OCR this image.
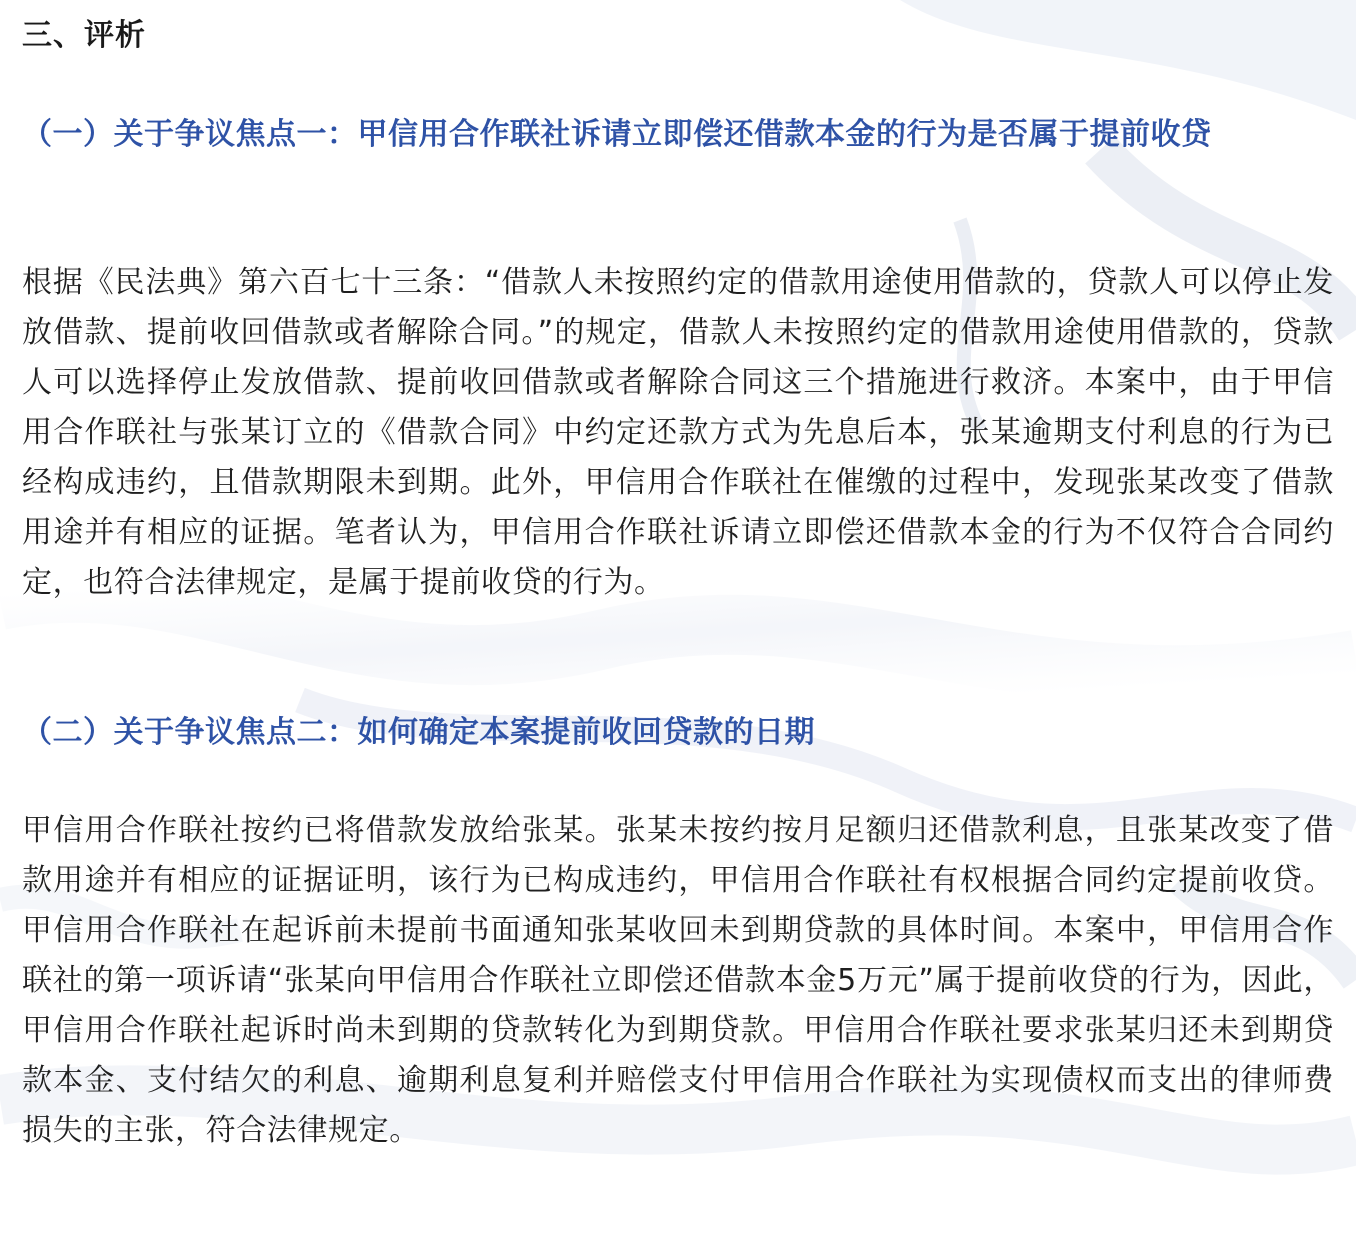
三、评析
（一）关于争议焦点一：甲信用合作联社诉请立即偿还借款本金的行为是否属于提前收贷

根据《民法典》第六百七十三条：“借款人未按照约定的借款用途使用借款的，贷款人可以停止发放借款、提前收回借款或者解除合同。”的规定，借款人未按照约定的借款用途使用借款的，贷款人可以选择停止发放借款、提前收回借款或者解除合同这三个措施进行救济。本案中，由于甲信用合作联社与张某订立的《借款合同》中约定还款方式为先息后本，张某逾期支付利息的行为已经构成违约，且借款期限未到期。此外，甲信用合作联社在催缴的过程中，发现张某改变了借款用途并有相应的证据。笔者认为，甲信用合作联社诉请立即偿还借款本金的行为不仅符合合同约定，也符合法律规定，是属于提前收贷的行为。

（二）关于争议焦点二：如何确定本案提前收回贷款的日期

甲信用合作联社按约已将借款发放给张某。张某未按约按月足额归还借款利息，且张某改变了借款用途并有相应的证据证明，该行为已构成违约，甲信用合作联社有权根据合同约定提前收贷。甲信用合作联社在起诉前未提前书面通知张某收回未到期贷款的具体时间。本案中，甲信用合作联社的第一项诉请“张某向甲信用合作联社立即偿还借款本金5万元”属于提前收贷的行为，因此，甲信用合作联社起诉时尚未到期的贷款转化为到期贷款。甲信用合作联社要求张某归还未到期贷款本金、支付结欠的利息、逾期利息复利并赔偿支付甲信用合作联社为实现债权而支出的律师费损失的主张，符合法律规定。
